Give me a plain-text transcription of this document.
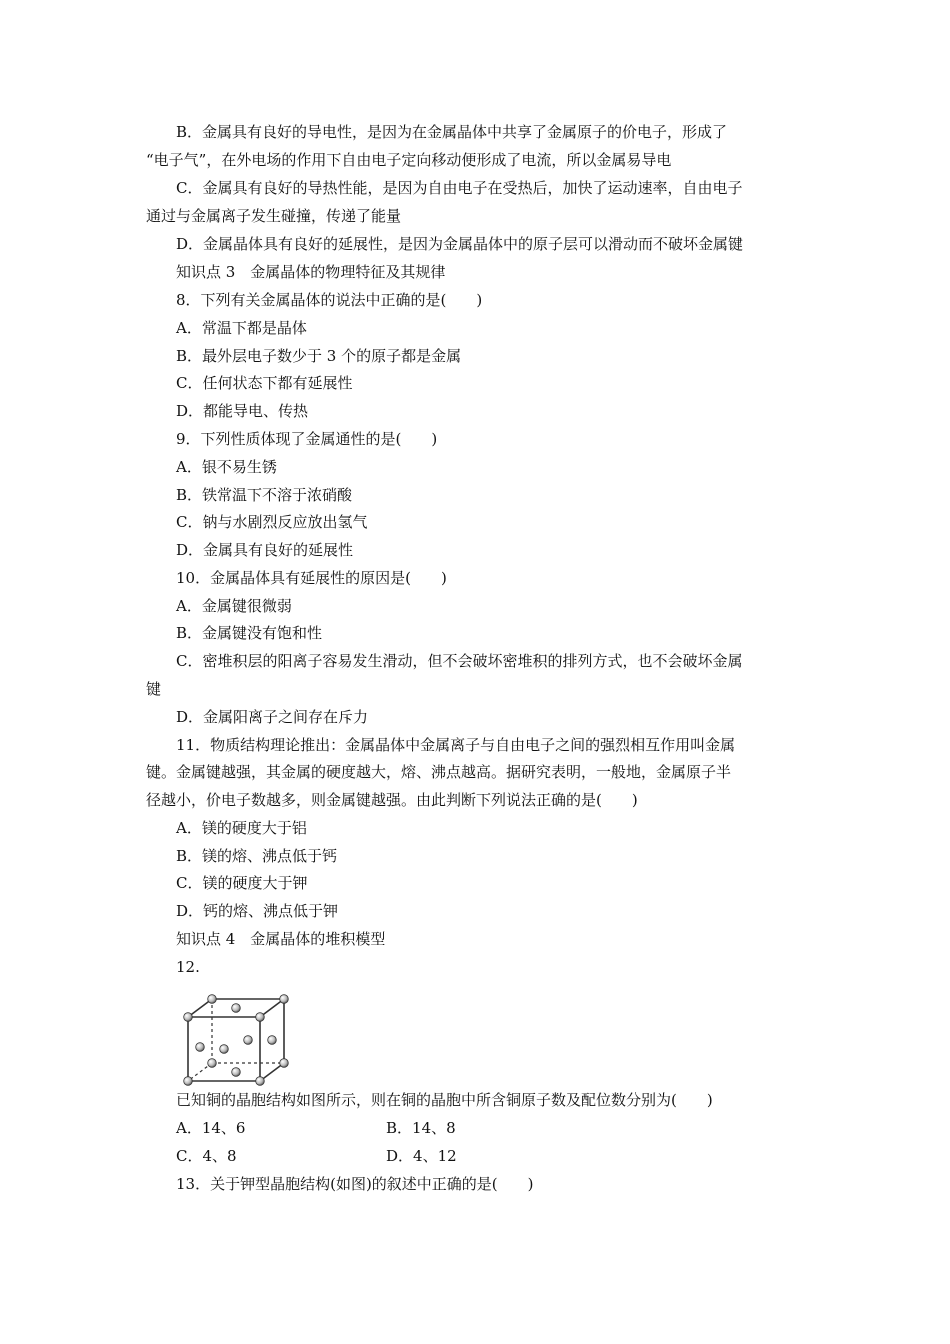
B．金属具有良好的导电性，是因为在金属晶体中共享了金属原子的价电子，形成了
“电子气”，在外电场的作用下自由电子定向移动便形成了电流，所以金属易导电
C．金属具有良好的导热性能，是因为自由电子在受热后，加快了运动速率，自由电子
通过与金属离子发生碰撞，传递了能量
D．金属晶体具有良好的延展性，是因为金属晶体中的原子层可以滑动而不破坏金属键
知识点 3　金属晶体的物理特征及其规律
8．下列有关金属晶体的说法中正确的是(　　)
A．常温下都是晶体
B．最外层电子数少于 3 个的原子都是金属
C．任何状态下都有延展性
D．都能导电、传热
9．下列性质体现了金属通性的是(　　)
A．银不易生锈
B．铁常温下不溶于浓硝酸
C．钠与水剧烈反应放出氢气
D．金属具有良好的延展性
10．金属晶体具有延展性的原因是(　　)
A．金属键很微弱
B．金属键没有饱和性
C．密堆积层的阳离子容易发生滑动，但不会破坏密堆积的排列方式，也不会破坏金属
键
D．金属阳离子之间存在斥力
11．物质结构理论推出：金属晶体中金属离子与自由电子之间的强烈相互作用叫金属
键。金属键越强，其金属的硬度越大，熔、沸点越高。据研究表明，一般地，金属原子半
径越小，价电子数越多，则金属键越强。由此判断下列说法正确的是(　　)
A．镁的硬度大于铝
B．镁的熔、沸点低于钙
C．镁的硬度大于钾
D．钙的熔、沸点低于钾
知识点 4　金属晶体的堆积模型
12.
已知铜的晶胞结构如图所示，则在铜的晶胞中所含铜原子数及配位数分别为(　　)
A．14、6	B．14、8
C．4、8	D．4、12
13．关于钾型晶胞结构(如图)的叙述中正确的是(　　)
